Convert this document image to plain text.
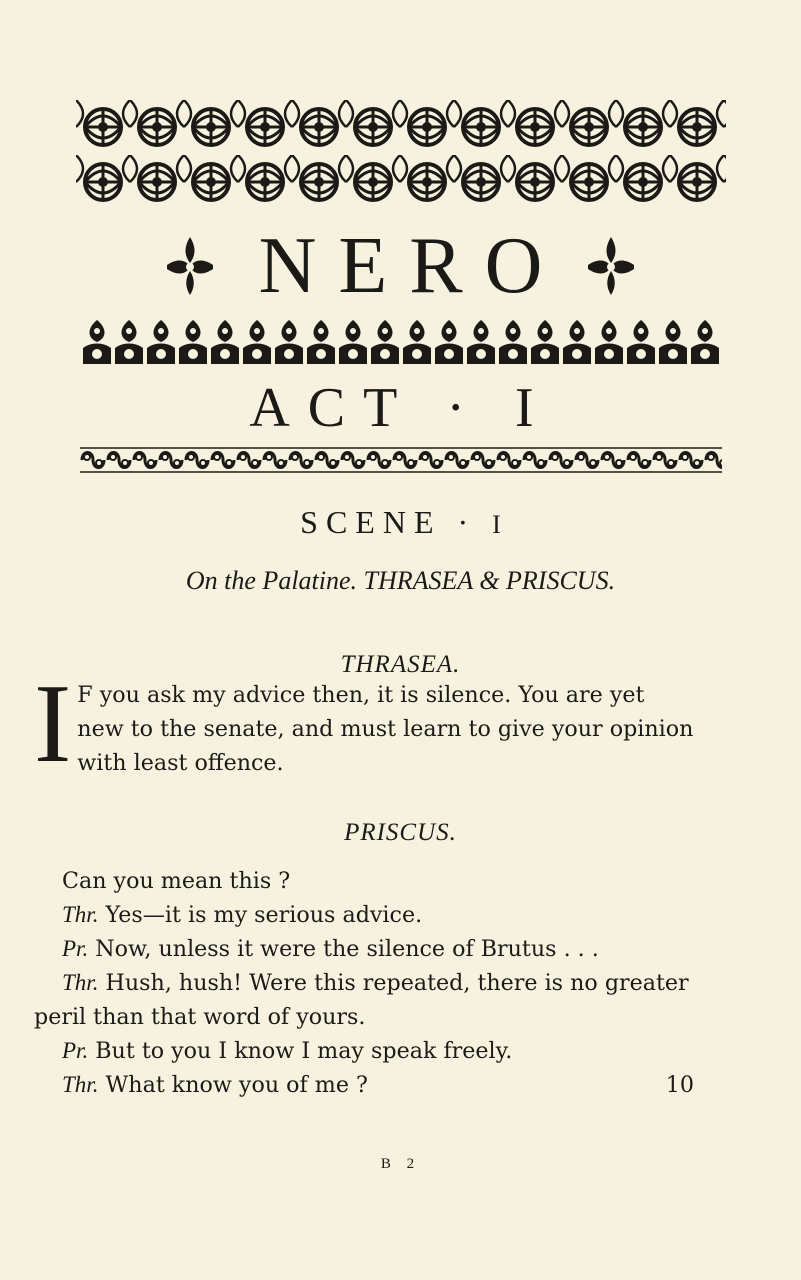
NERO
ACT · I
SCENE · I
On the Palatine. THRASEA & PRISCUS.
THRASEA.
I F you ask my advice then, it is silence. You are yet new to the senate, and must learn to give your opinion with least offence.

PRISCUS.

Can you mean this ?

Thr. Yes—it is my serious advice.

Pr. Now, unless it were the silence of Brutus . . .

Thr. Hush, hush! Were this repeated, there is no greater peril than that word of yours.

Pr. But to you I know I may speak freely.

Thr. What know you of me ?	10

B 2
